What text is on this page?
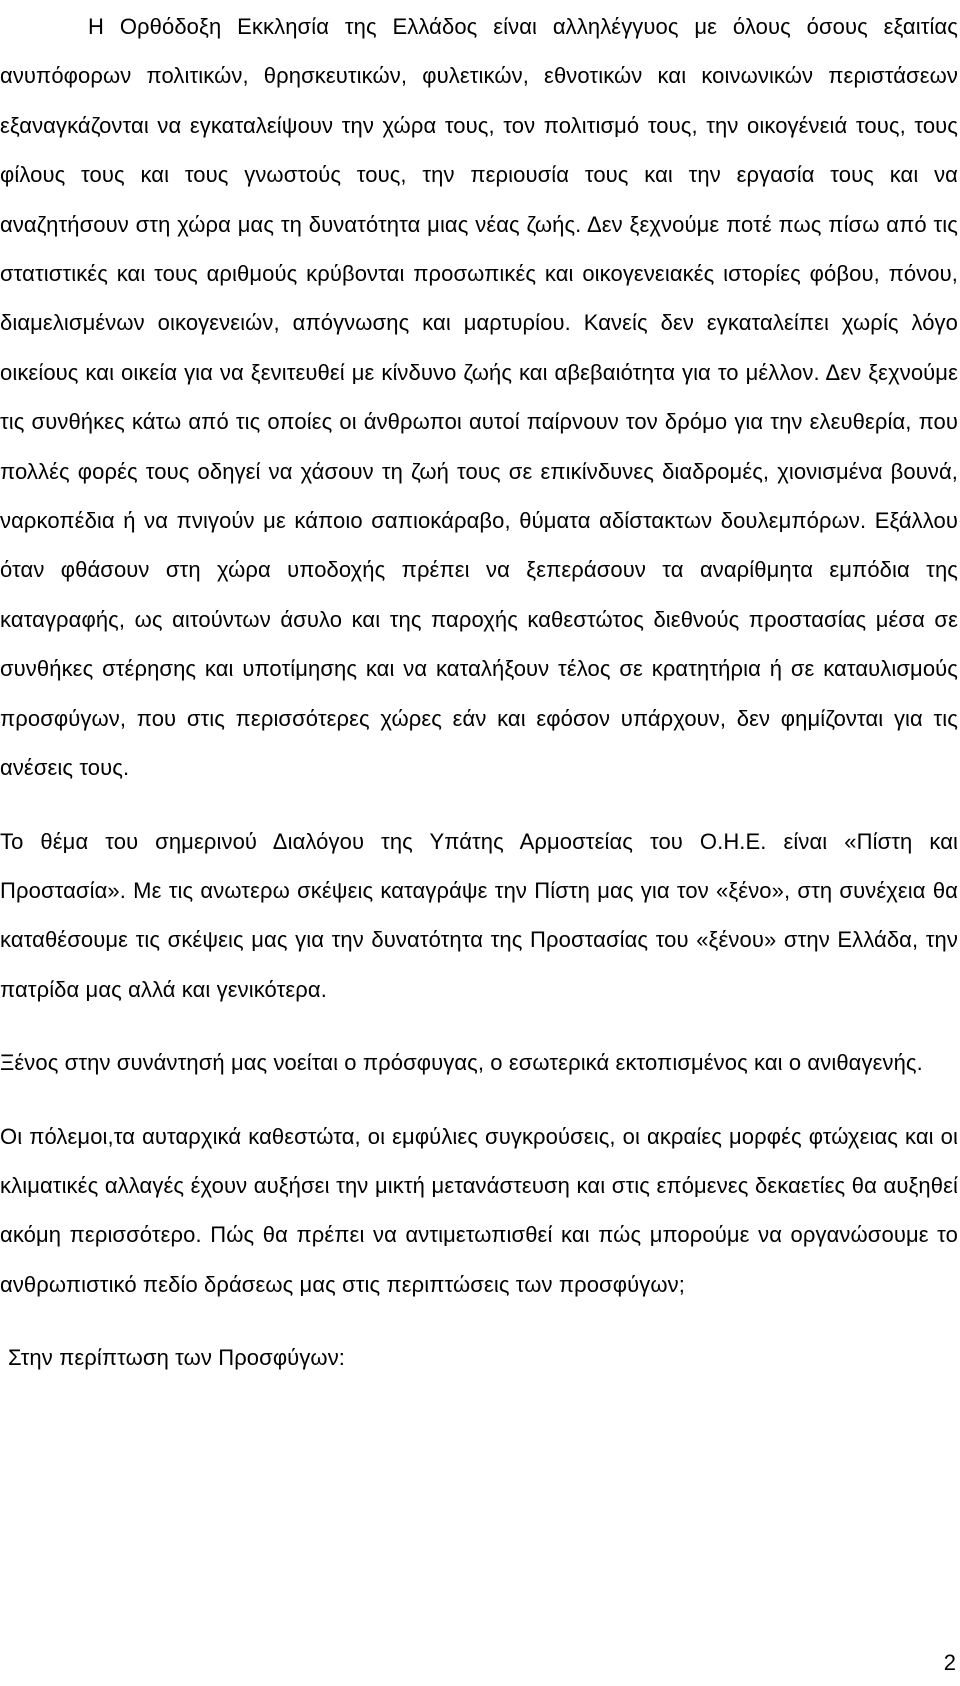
Η Ορθόδοξη Εκκλησία της Ελλάδος είναι αλληλέγγυος με όλους όσους εξαιτίας ανυπόφορων πολιτικών, θρησκευτικών, φυλετικών, εθνοτικών και κοινωνικών περιστάσεων εξαναγκάζονται να εγκαταλείψουν την χώρα τους, τον πολιτισμό τους, την οικογένειά τους, τους φίλους τους και τους γνωστούς τους, την περιουσία τους και την εργασία τους και να αναζητήσουν στη χώρα μας τη δυνατότητα μιας νέας ζωής. Δεν ξεχνούμε ποτέ πως πίσω από τις στατιστικές και τους αριθμούς κρύβονται προσωπικές και οικογενειακές ιστορίες φόβου, πόνου, διαμελισμένων οικογενειών, απόγνωσης και μαρτυρίου. Κανείς δεν εγκαταλείπει χωρίς λόγο οικείους και οικεία για να ξενιτευθεί με κίνδυνο ζωής και αβεβαιότητα για το μέλλον. Δεν ξεχνούμε τις συνθήκες κάτω από τις οποίες οι άνθρωποι αυτοί παίρνουν τον δρόμο για την ελευθερία, που πολλές φορές τους οδηγεί να χάσουν τη ζωή τους σε επικίνδυνες διαδρομές, χιονισμένα βουνά, ναρκοπέδια ή να πνιγούν με κάποιο σαπιοκάραβο, θύματα αδίστακτων δουλεμπόρων. Εξάλλου όταν φθάσουν στη χώρα υποδοχής πρέπει να ξεπεράσουν τα αναρίθμητα εμπόδια της καταγραφής, ως αιτούντων άσυλο και της παροχής καθεστώτος διεθνούς προστασίας μέσα σε συνθήκες στέρησης και υποτίμησης και να καταλήξουν τέλος σε κρατητήρια ή σε καταυλισμούς προσφύγων, που στις περισσότερες χώρες εάν και εφόσον υπάρχουν, δεν φημίζονται για τις ανέσεις τους.

Το θέμα του σημερινού Διαλόγου της Υπάτης Αρμοστείας του Ο.Η.Ε. είναι «Πίστη και Προστασία». Με τις ανωτερω σκέψεις καταγράψε την Πίστη μας για τον «ξένο», στη συνέχεια θα καταθέσουμε τις σκέψεις μας για την δυνατότητα της Προστασίας του «ξένου» στην Ελλάδα, την πατρίδα μας αλλά και γενικότερα.

Ξένος στην συνάντησή μας νοείται ο πρόσφυγας, ο εσωτερικά εκτοπισμένος και ο ανιθαγενής.

Οι πόλεμοι,τα αυταρχικά καθεστώτα, οι εμφύλιες συγκρούσεις, οι ακραίες μορφές φτώχειας και οι κλιματικές αλλαγές έχουν αυξήσει την μικτή μετανάστευση και στις επόμενες δεκαετίες θα αυξηθεί ακόμη περισσότερο. Πώς θα πρέπει να αντιμετωπισθεί και πώς μπορούμε να οργανώσουμε το ανθρωπιστικό πεδίο δράσεως μας στις περιπτώσεις των προσφύγων;

Στην περίπτωση των Προσφύγων:

2
